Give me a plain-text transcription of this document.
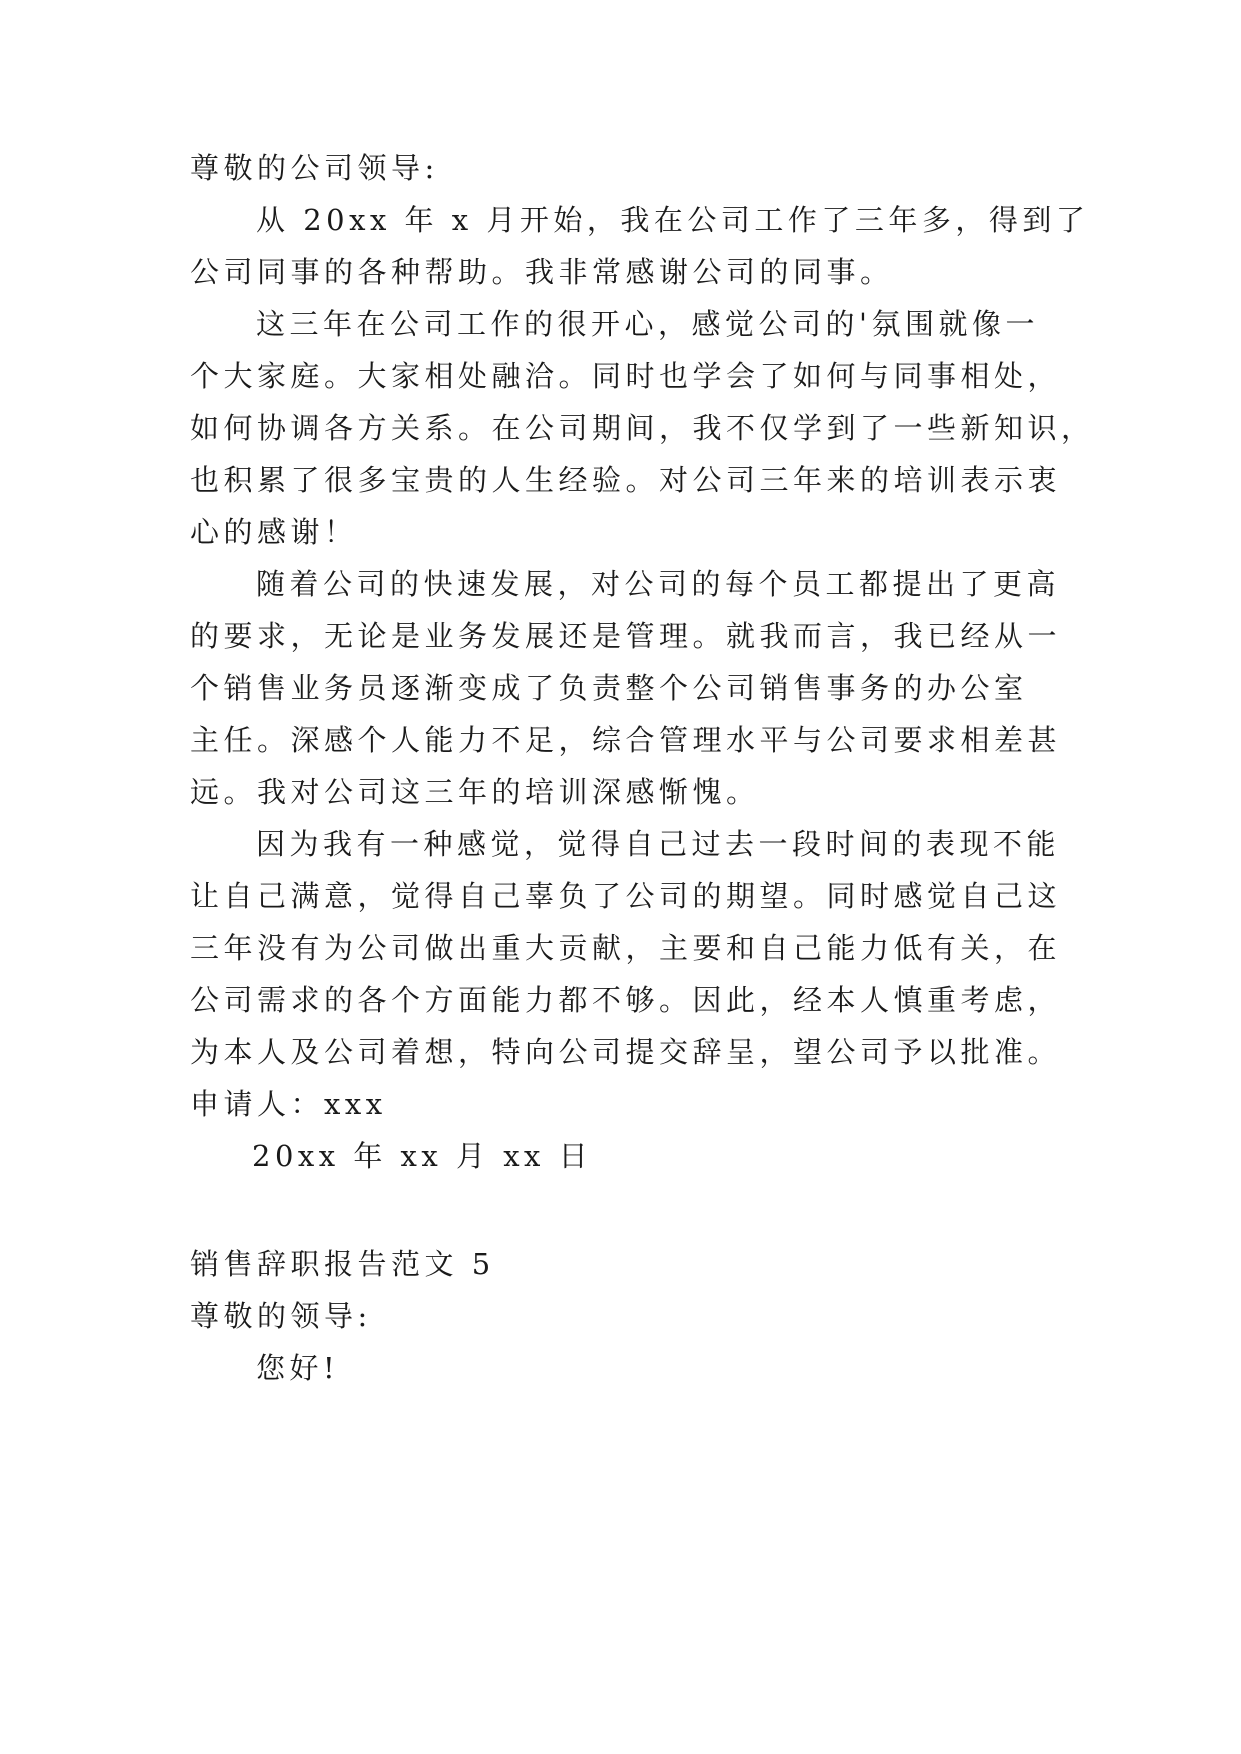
尊敬的公司领导:

从 20xx 年 x 月开始，我在公司工作了三年多，得到了

公司同事的各种帮助。我非常感谢公司的同事。

这三年在公司工作的很开心，感觉公司的'氛围就像一

个大家庭。大家相处融洽。同时也学会了如何与同事相处，

如何协调各方关系。在公司期间，我不仅学到了一些新知识，

也积累了很多宝贵的人生经验。对公司三年来的培训表示衷

心的感谢！

随着公司的快速发展，对公司的每个员工都提出了更高

的要求，无论是业务发展还是管理。就我而言，我已经从一

个销售业务员逐渐变成了负责整个公司销售事务的办公室

主任。深感个人能力不足，综合管理水平与公司要求相差甚

远。我对公司这三年的培训深感惭愧。

因为我有一种感觉，觉得自己过去一段时间的表现不能

让自己满意，觉得自己辜负了公司的期望。同时感觉自己这

三年没有为公司做出重大贡献，主要和自己能力低有关，在

公司需求的各个方面能力都不够。因此，经本人慎重考虑，

为本人及公司着想，特向公司提交辞呈，望公司予以批准。

申请人：xxx

20xx 年 xx 月 xx 日

销售辞职报告范文 5

尊敬的领导:

您好!
